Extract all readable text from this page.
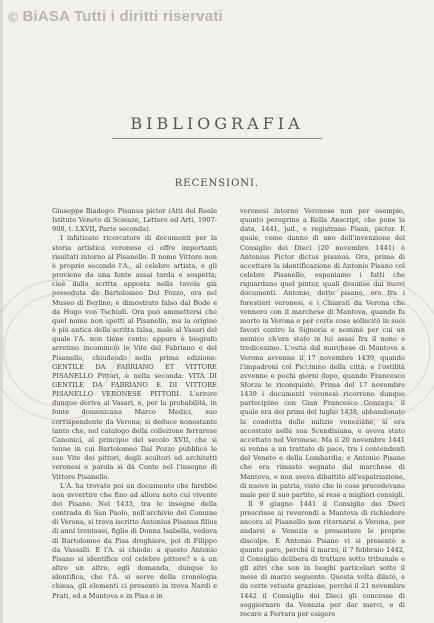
© BiASA Tutti i diritti riservati
BIBLIOGRAFIA
RECENSIONI.

Giuseppe Biadego: Pisanus pictor (Atti del Reale Istituto Veneto di Scienze, Lettere ed Arti, 1907-908, t. LXVII, Parte seconda).

I infaticato ricercatore di documenti per la storia artistica veronese ci offre importanti risultati intorno al Pisanello. Il nome Vittore non è proprio secondo l'A., al celebre artista, e gli proviene da una fonte assai tarda e sospetta; cioè dalla scritta apposta nella tavola già posseduta da Bartolomeo Dal Pozzo, ora nel Museo di Berlino, e dimostrato falso dal Bode e da Hugo von Tschudi. Ora può ammettersi che quel nome non spetti al Pisanello, ma la origine è più antica della scritta falsa, male al Vasari del quale l'A. non tiene conto; eppure è biografo arretino incominciò le Vite del Fabriano e del Pisanello, chiudendo nella prima edizione: GENTILE DA FABRIANO ET VITTORE PISANELLO Pittori, e nella seconda: VITA DI GENTILE DA FABRIANO E DI VITTORE PISANELLO VERONESE PITTORI. L'errore dunque deriva al Vasari, e, per la probabilità, in fonte domenicana Marco Medici, suo corrispondente da Verona; si deduce nonostante tanto che, nel catalogo della collezione ferrarese Canonici, al principio del secolo XVII, che si tenne in cui Bartolomeo Dal Pozzo pubblicò le sue Vite dei pittori, degli scultori ed architetti veronesi e parola si dà Conte nel l'insegno di Vittore Pisanello.

L'A. ha trovato poi un documento che farebbe non avvertire che fino ad allora noto cui vivente dei Pisano. Nel 1433, tra le insegne della contrada di San Paolo, nell'archivio del Comune di Verona, si trova iscritto Antonius Pisanus filius di anni trentasei, figlio di Donna Isabella, vedova di Bartolomeo da Pisa droghiere, poi di Filippo da Vassalli. E l'A. si chiede: a questo Antonio Pisano si identifica col celebre pittore? e a un altro un altro, egli domanda, dunque lo identifica, che l'A. si serve della cronologia chiesa, gli elementi ci presentò in trova Nardi e Prati, ed a Mantova e in Pisa e in

veronesi intorno Veronese non per esempio, quanto peregrino a Rella Anscript, che pone la data, 1441, juil., e registrano Pisan, pictor. E quale, come danno di uno dell'invenzione del Consiglio dei Dieci (20 novembre 1441) è Antonius Pictor dictus pisanus. Ora, prima di accettare la identificazione di Antonio Pisano col celebre Pisanello, esponiamo i fatti che riguardano quel pinter, quali desunse dai nuovi documenti. Antonio, detto pisano, era fra i forestieri veronesi, e i Chiarati da Verona che vennero con il marchese di Mantova, quando fu morto in Verona e per certe cose sollecitò in suoi favori contro la Signoria e nominò per cui un nemico ch'era stato in lui assai fra il nono e tredicesimo. L'ostia dal marchese di Mantova a Verona avvenne il 17 novembre 1439, quando l'impadronì col Piccinino della città; e l'ostilità avvenne e pochi giorni dopo, quando Francesco Sforza le riconquistò. Prima del 17 novembre 1439 i documenti veronesi ricorrono dunque partecipino con Gian Francesco Gonzaga, il quale era dei primi del luglio 1438, abbandonato la condotta delle milizie veneziane, si era accostato nella sua Scendisiana, e aveva stato accettato nel Veronese. Ma il 20 novembre 1441 si venne a un trattato di pace, tra i contendenti del Veneto e della Lombardia; e Antonio Pisano che era rimasto segnato dal marchese di Mantova, e non aveva dibattito all'espatriazione, di nuovo in patria, visto che le cose procedevano male per il suo partito, si rese a migliori consigli.

Il 9 giugno 1441 il Consiglio dei Dieci prescrisse ai reverendi a Mantova di richiedere ancora al Pisanello non ritornarsi a Verona, per andarsi a Venezia a presentare le proprie discolpe. E Antonio Pisano vi si presentò a quanto pare, perché il marzo, il 7 febbraio 1442, il Consiglio delibera di trattare sotto tribunale e gli altri che son in luoghi particolari sotto il mese di marzo seguente. Questa volta dilatò, e da certe vetuste grazioso, perché il 21 novembre 1442 il Consiglio dei Dieci gli concesse di soggiornare da Venezia per dar merci, e di recare a Ferrara per esigere
